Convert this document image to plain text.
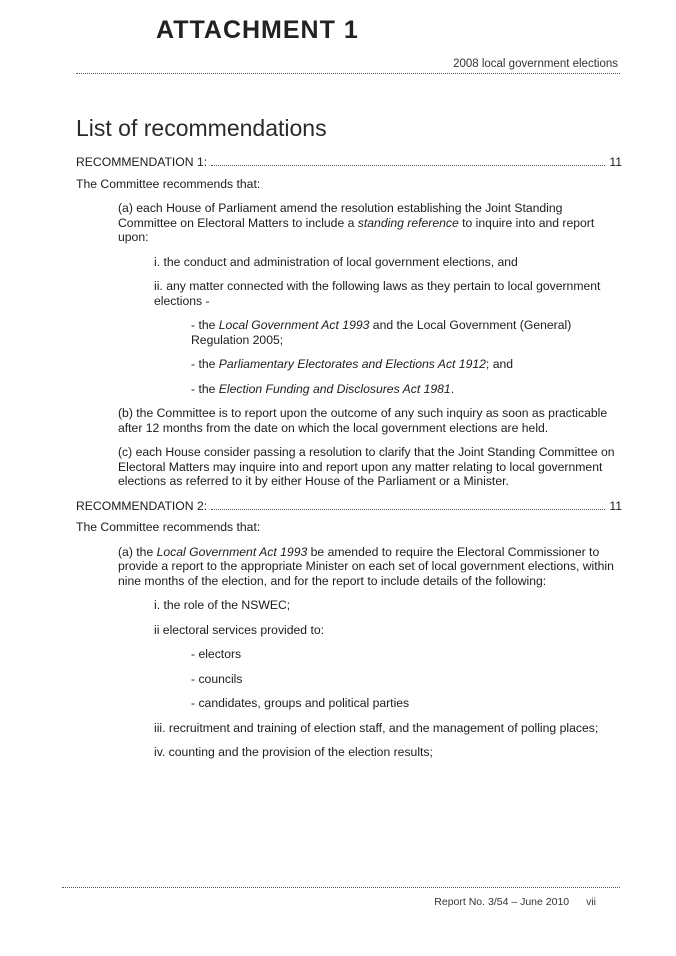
ATTACHMENT 1
2008 local government elections
List of recommendations
RECOMMENDATION 1:	11

The Committee recommends that:

(a) each House of Parliament amend the resolution establishing the Joint Standing Committee on Electoral Matters to include a standing reference to inquire into and report upon:

i. the conduct and administration of local government elections, and

ii. any matter connected with the following laws as they pertain to local government elections -

- the Local Government Act 1993 and the Local Government (General) Regulation 2005;

- the Parliamentary Electorates and Elections Act 1912; and

- the Election Funding and Disclosures Act 1981.

(b) the Committee is to report upon the outcome of any such inquiry as soon as practicable after 12 months from the date on which the local government elections are held.

(c) each House consider passing a resolution to clarify that the Joint Standing Committee on Electoral Matters may inquire into and report upon any matter relating to local government elections as referred to it by either House of the Parliament or a Minister.

RECOMMENDATION 2:	11

The Committee recommends that:

(a) the Local Government Act 1993 be amended to require the Electoral Commissioner to provide a report to the appropriate Minister on each set of local government elections, within nine months of the election, and for the report to include details of the following:

i. the role of the NSWEC;

ii electoral services provided to:

- electors

- councils

- candidates, groups and political parties

iii. recruitment and training of election staff, and the management of polling places;

iv. counting and the provision of the election results;

Report No. 3/54 – June 2010 vii
